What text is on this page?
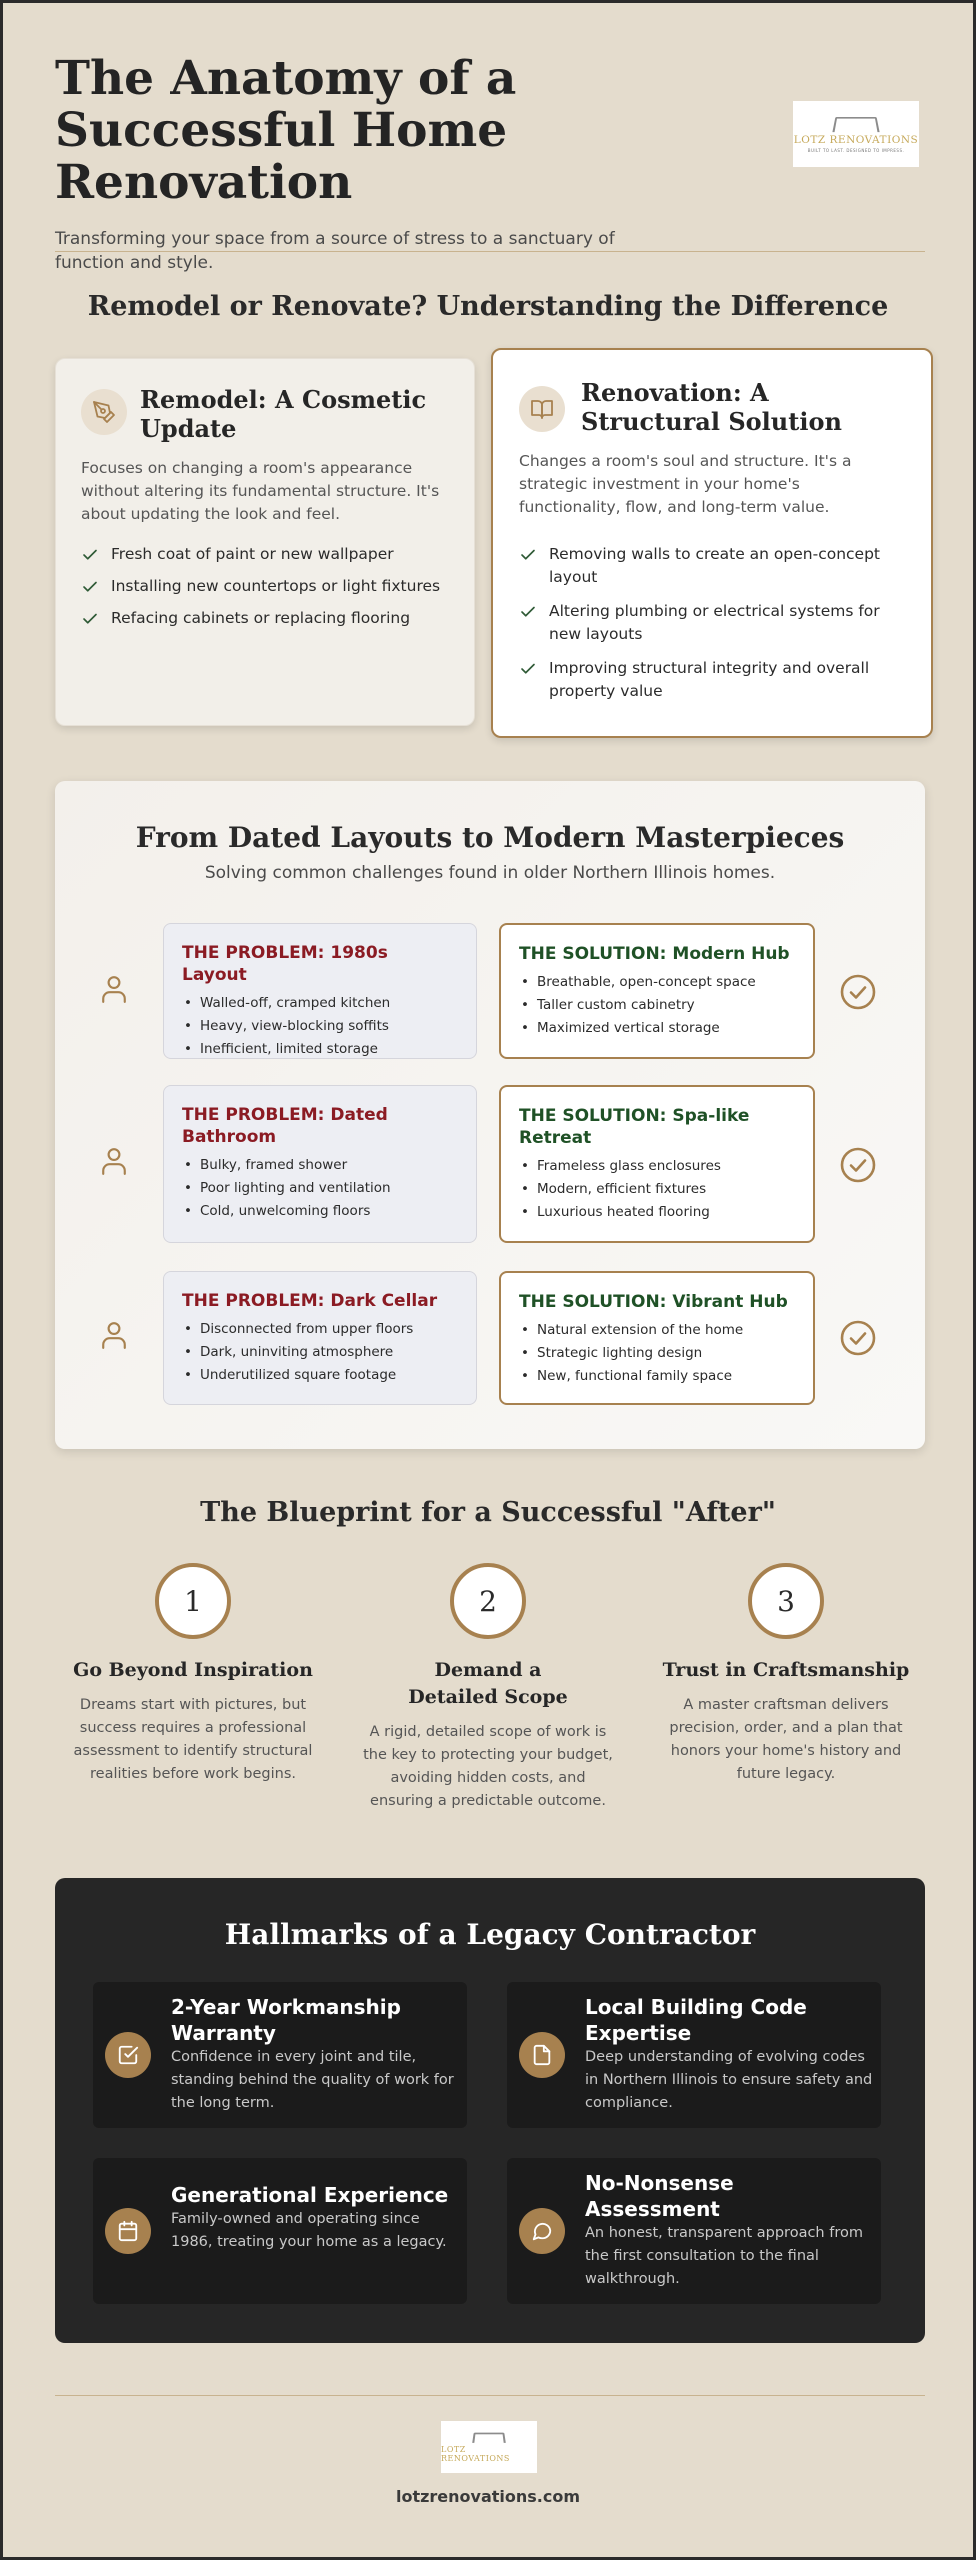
The Anatomy of a Successful Home Renovation

Transforming your space from a source of stress to a sanctuary of function and style.

LOTZ RENOVATIONS
BUILT TO LAST. DESIGNED TO IMPRESS.
Remodel or Renovate? Understanding the Difference
Remodel: A Cosmetic Update

Focuses on changing a room's appearance without altering its fundamental structure. It's about updating the look and feel.

Fresh coat of paint or new wallpaper
Installing new countertops or light fixtures
Refacing cabinets or replacing flooring
Renovation: A Structural Solution

Changes a room's soul and structure. It's a strategic investment in your home's functionality, flow, and long-term value.

Removing walls to create an open-concept layout
Altering plumbing or electrical systems for new layouts
Improving structural integrity and overall property value
From Dated Layouts to Modern Masterpieces

Solving common challenges found in older Northern Illinois homes.

THE PROBLEM: 1980s Layout
• Walled-off, cramped kitchen
• Heavy, view-blocking soffits
• Inefficient, limited storage
THE SOLUTION: Modern Hub
• Breathable, open-concept space
• Taller custom cabinetry
• Maximized vertical storage
THE PROBLEM: Dated Bathroom
• Bulky, framed shower
• Poor lighting and ventilation
• Cold, unwelcoming floors
THE SOLUTION: Spa-like Retreat
• Frameless glass enclosures
• Modern, efficient fixtures
• Luxurious heated flooring
THE PROBLEM: Dark Cellar
• Disconnected from upper floors
• Dark, uninviting atmosphere
• Underutilized square footage
THE SOLUTION: Vibrant Hub
• Natural extension of the home
• Strategic lighting design
• New, functional family space
The Blueprint for a Successful "After"
1
Go Beyond Inspiration
Dreams start with pictures, but success requires a professional assessment to identify structural realities before work begins.
2
Demand a Detailed Scope
A rigid, detailed scope of work is the key to protecting your budget, avoiding hidden costs, and ensuring a predictable outcome.
3
Trust in Craftsmanship
A master craftsman delivers precision, order, and a plan that honors your home's history and future legacy.
Hallmarks of a Legacy Contractor
2-Year Workmanship Warranty
Confidence in every joint and tile, standing behind the quality of work for the long term.
Local Building Code Expertise
Deep understanding of evolving codes in Northern Illinois to ensure safety and compliance.
Generational Experience
Family-owned and operating since 1986, treating your home as a legacy.
No-Nonsense Assessment
An honest, transparent approach from the first consultation to the final walkthrough.
LOTZ RENOVATIONS
lotzrenovations.com
